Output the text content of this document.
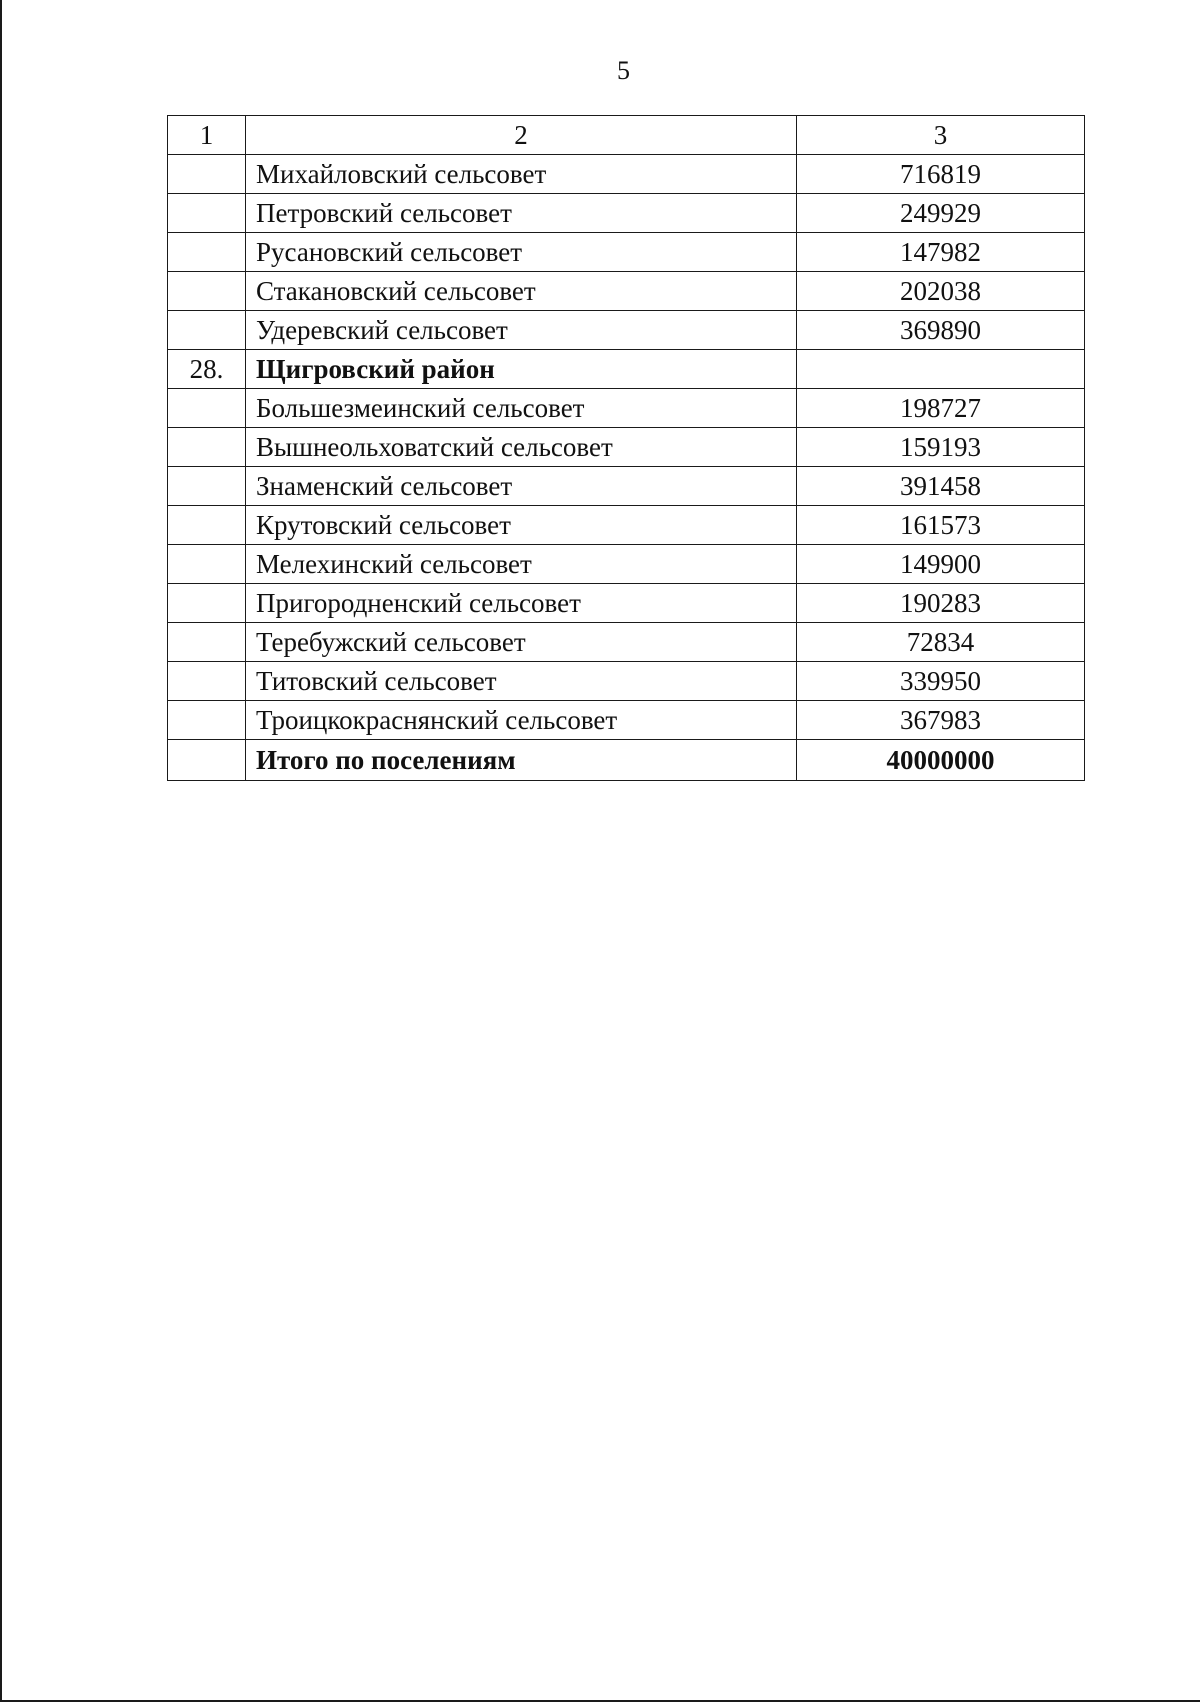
5
1	2	3
	Михайловский сельсовет	716819
	Петровский сельсовет	249929
	Русановский сельсовет	147982
	Стакановский сельсовет	202038
	Удеревский сельсовет	369890
28.	Щигровский район	
	Большезмеинский сельсовет	198727
	Вышнеольховатский сельсовет	159193
	Знаменский сельсовет	391458
	Крутовский сельсовет	161573
	Мелехинский сельсовет	149900
	Пригородненский сельсовет	190283
	Теребужский сельсовет	72834
	Титовский сельсовет	339950
	Троицкокраснянский сельсовет	367983
	Итого по поселениям	40000000
